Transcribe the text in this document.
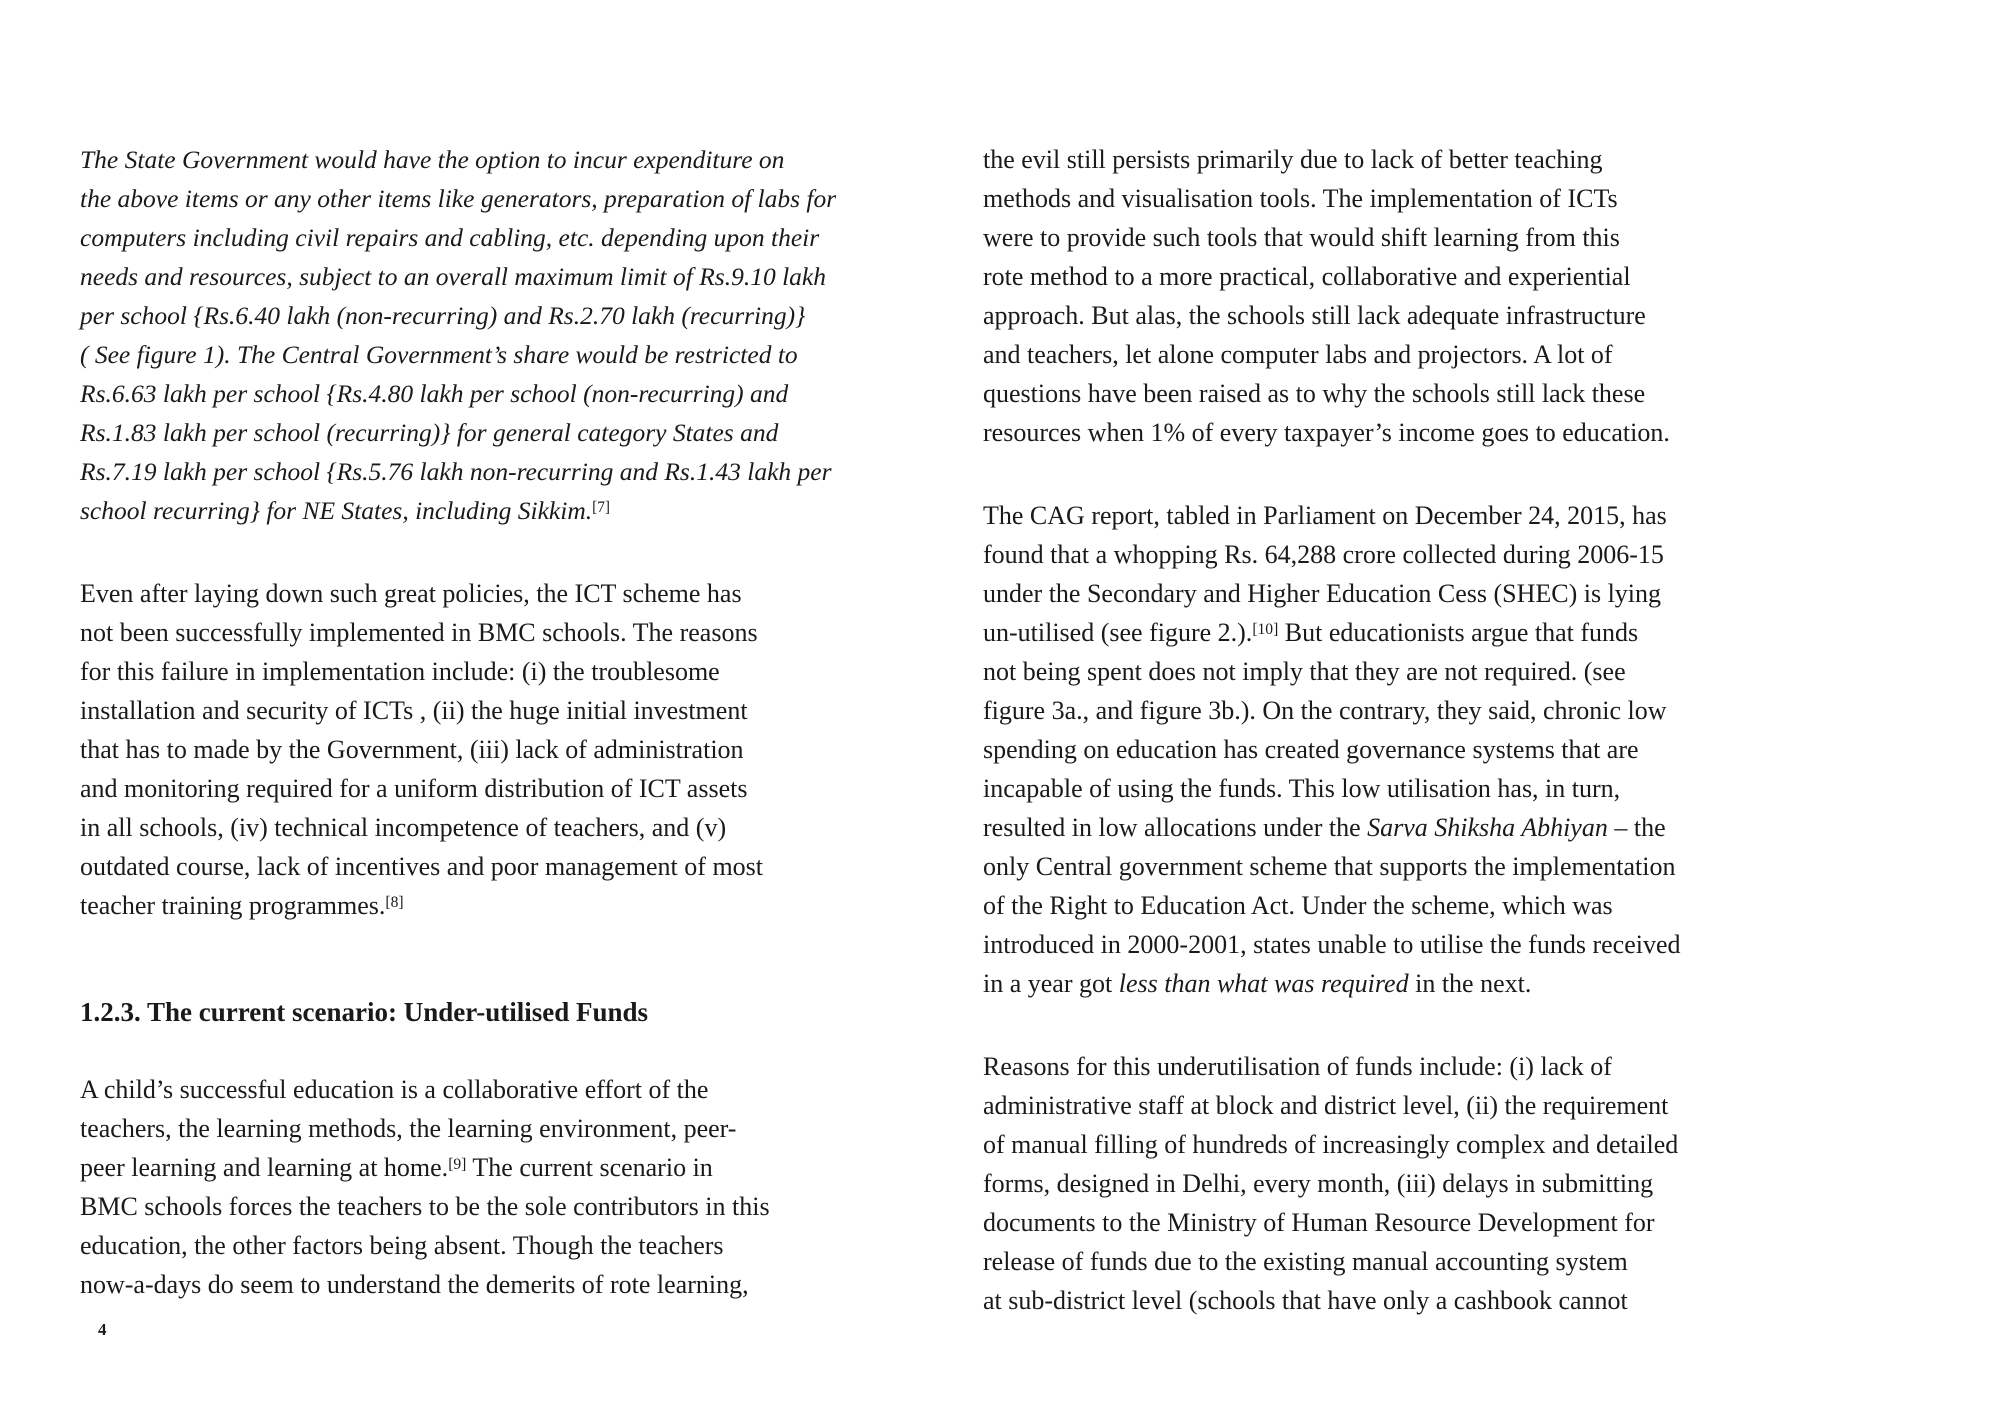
The State Government would have the option to incur expenditure on
the above items or any other items like generators, preparation of labs for
computers including civil repairs and cabling, etc. depending upon their
needs and resources, subject to an overall maximum limit of Rs.9.10 lakh
per school {Rs.6.40 lakh (non-recurring) and Rs.2.70 lakh (recurring)}
( See figure 1). The Central Government’s share would be restricted to
Rs.6.63 lakh per school {Rs.4.80 lakh per school (non-recurring) and
Rs.1.83 lakh per school (recurring)} for general category States and
Rs.7.19 lakh per school {Rs.5.76 lakh non-recurring and Rs.1.43 lakh per
school recurring} for NE States, including Sikkim.[7]
Even after laying down such great policies, the ICT scheme has
not been successfully implemented in BMC schools. The reasons
for this failure in implementation include: (i) the troublesome
installation and security of ICTs , (ii) the huge initial investment
that has to made by the Government, (iii) lack of administration
and monitoring required for a uniform distribution of ICT assets
in all schools, (iv) technical incompetence of teachers, and (v)
outdated course, lack of incentives and poor management of most
teacher training programmes.[8]
1.2.3. The current scenario: Under-utilised Funds
A child’s successful education is a collaborative effort of the
teachers, the learning methods, the learning environment, peer-
peer learning and learning at home.[9] The current scenario in
BMC schools forces the teachers to be the sole contributors in this
education, the other factors being absent. Though the teachers
now-a-days do seem to understand the demerits of rote learning,
the evil still persists primarily due to lack of better teaching
methods and visualisation tools. The implementation of ICTs
were to provide such tools that would shift learning from this
rote method to a more practical, collaborative and experiential
approach. But alas, the schools still lack adequate infrastructure
and teachers, let alone computer labs and projectors. A lot of
questions have been raised as to why the schools still lack these
resources when 1% of every taxpayer’s income goes to education.
The CAG report, tabled in Parliament on December 24, 2015, has
found that a whopping Rs. 64,288 crore collected during 2006-15
under the Secondary and Higher Education Cess (SHEC) is lying
un-utilised (see figure 2.).[10] But educationists argue that funds
not being spent does not imply that they are not required. (see
figure 3a., and figure 3b.). On the contrary, they said, chronic low
spending on education has created governance systems that are
incapable of using the funds. This low utilisation has, in turn,
resulted in low allocations under the Sarva Shiksha Abhiyan – the
only Central government scheme that supports the implementation
of the Right to Education Act. Under the scheme, which was
introduced in 2000-2001, states unable to utilise the funds received
in a year got less than what was required in the next.
Reasons for this underutilisation of funds include: (i) lack of
administrative staff at block and district level, (ii) the requirement
of manual filling of hundreds of increasingly complex and detailed
forms, designed in Delhi, every month, (iii) delays in submitting
documents to the Ministry of Human Resource Development for
release of funds due to the existing manual accounting system
at sub-district level (schools that have only a cashbook cannot
4
